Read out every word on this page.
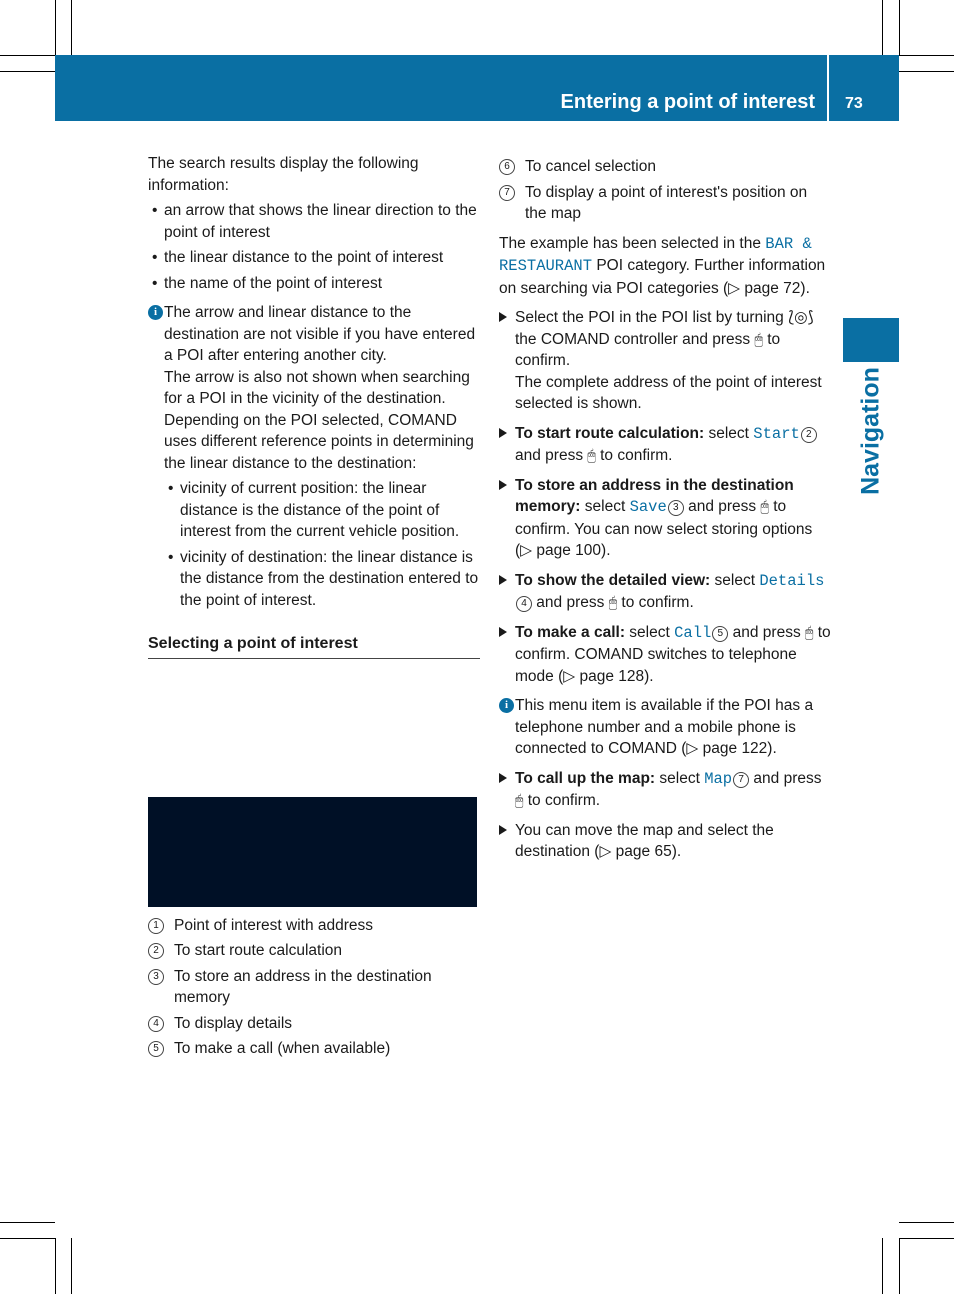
Entering a point of interest 73
Navigation

The search results display the following information:

• an arrow that shows the linear direction to the point of interest
• the linear distance to the point of interest
• the name of the point of interest
i The arrow and linear distance to the destination are not visible if you have entered a POI after entering another city.

The arrow is also not shown when searching for a POI in the vicinity of the destination.

Depending on the POI selected, COMAND uses different reference points in determining the linear distance to the destination:

• vicinity of current position: the linear distance is the distance of the point of interest from the current vehicle position.
• vicinity of destination: the linear distance is the distance from the destination entered to the point of interest.
Selecting a point of interest
1 Point of interest with address
2 To start route calculation
3 To store an address in the destination memory
4 To display details
5 To make a call (when available)
6 To cancel selection
7 To display a point of interest's position on the map

The example has been selected in the BAR & RESTAURANT POI category. Further information on searching via POI categories (▷ page 72).

Select the POI in the POI list by turning ⟅◎⟆ the COMAND controller and press 🖱 to confirm.

The complete address of the point of interest selected is shown.

To start route calculation: select Start 2 and press 🖱 to confirm.
To store an address in the destination memory: select Save 3 and press 🖱 to confirm. You can now select storing options (▷ page 100).
To show the detailed view: select Details4 and press 🖱 to confirm.
To make a call: select Call 5 and press 🖱 to confirm. COMAND switches to telephone mode (▷ page 128).
i This menu item is available if the POI has a telephone number and a mobile phone is connected to COMAND (▷ page 122).

To call up the map: select Map 7 and press 🖱 to confirm.
You can move the map and select the destination (▷ page 65).
